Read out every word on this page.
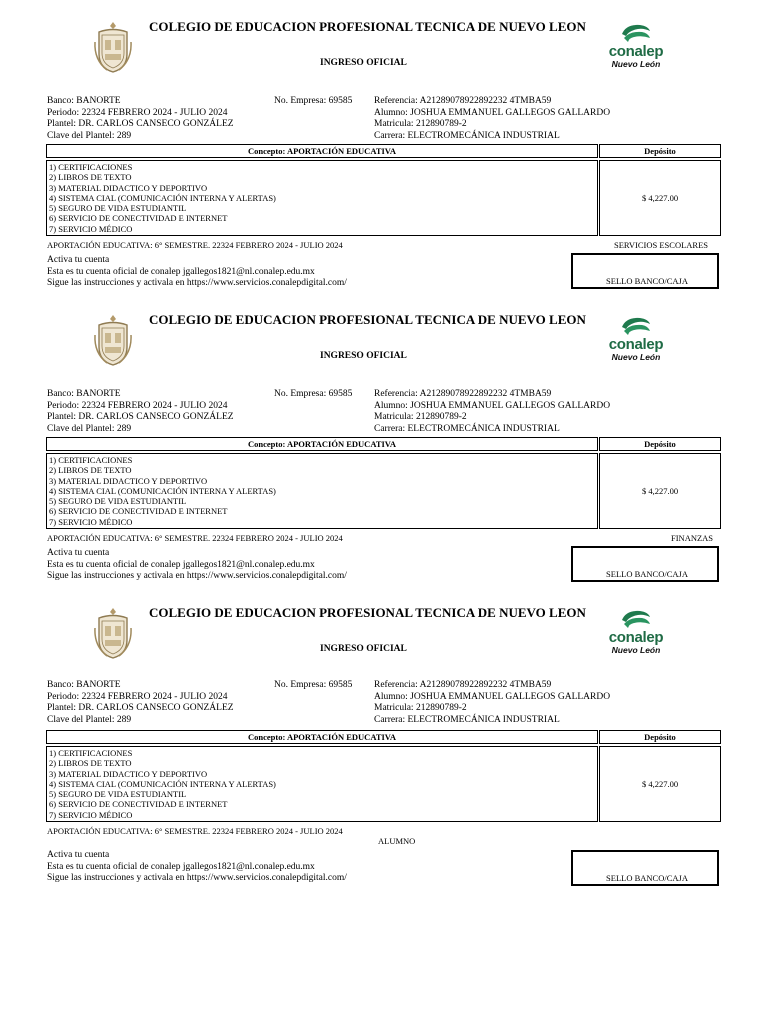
COLEGIO DE EDUCACION PROFESIONAL TECNICA DE NUEVO LEON
INGRESO OFICIAL
conalep
Nuevo León
Banco: BANORTE
Periodo: 22324 FEBRERO 2024 - JULIO 2024
Plantel: DR. CARLOS CANSECO GONZÁLEZ
Clave del Plantel: 289
No. Empresa: 69585 Referencia: A21289078922892232 4TMBA59
Alumno: JOSHUA EMMANUEL GALLEGOS GALLARDO
Matricula: 212890789-2
Carrera: ELECTROMECÁNICA INDUSTRIAL
Concepto: APORTACIÓN EDUCATIVA	Depósito
1) CERTIFICACIONES
2) LIBROS DE TEXTO
3) MATERIAL DIDACTICO Y DEPORTIVO
4) SISTEMA CIAL (COMUNICACIÓN INTERNA Y ALERTAS)
5) SEGURO DE VIDA ESTUDIANTIL
6) SERVICIO DE CONECTIVIDAD E INTERNET
7) SERVICIO MÉDICO
$ 4,227.00
APORTACIÓN EDUCATIVA: 6° SEMESTRE. 22324 FEBRERO 2024 - JULIO 2024	SERVICIOS ESCOLARES
Activa tu cuenta
Esta es tu cuenta oficial de conalep jgallegos1821@nl.conalep.edu.mx
Sigue las instrucciones y activala en https://www.servicios.conalepdigital.com/	SELLO BANCO/CAJA
COLEGIO DE EDUCACION PROFESIONAL TECNICA DE NUEVO LEON
INGRESO OFICIAL
conalep
Nuevo León
Banco: BANORTE
Periodo: 22324 FEBRERO 2024 - JULIO 2024
Plantel: DR. CARLOS CANSECO GONZÁLEZ
Clave del Plantel: 289
No. Empresa: 69585 Referencia: A21289078922892232 4TMBA59
Alumno: JOSHUA EMMANUEL GALLEGOS GALLARDO
Matricula: 212890789-2
Carrera: ELECTROMECÁNICA INDUSTRIAL
Concepto: APORTACIÓN EDUCATIVA	Depósito
1) CERTIFICACIONES
2) LIBROS DE TEXTO
3) MATERIAL DIDACTICO Y DEPORTIVO
4) SISTEMA CIAL (COMUNICACIÓN INTERNA Y ALERTAS)
5) SEGURO DE VIDA ESTUDIANTIL
6) SERVICIO DE CONECTIVIDAD E INTERNET
7) SERVICIO MÉDICO
$ 4,227.00
APORTACIÓN EDUCATIVA: 6° SEMESTRE. 22324 FEBRERO 2024 - JULIO 2024	FINANZAS
Activa tu cuenta
Esta es tu cuenta oficial de conalep jgallegos1821@nl.conalep.edu.mx
Sigue las instrucciones y activala en https://www.servicios.conalepdigital.com/	SELLO BANCO/CAJA
COLEGIO DE EDUCACION PROFESIONAL TECNICA DE NUEVO LEON
INGRESO OFICIAL
conalep
Nuevo León
Banco: BANORTE
Periodo: 22324 FEBRERO 2024 - JULIO 2024
Plantel: DR. CARLOS CANSECO GONZÁLEZ
Clave del Plantel: 289
No. Empresa: 69585 Referencia: A21289078922892232 4TMBA59
Alumno: JOSHUA EMMANUEL GALLEGOS GALLARDO
Matricula: 212890789-2
Carrera: ELECTROMECÁNICA INDUSTRIAL
Concepto: APORTACIÓN EDUCATIVA	Depósito
1) CERTIFICACIONES
2) LIBROS DE TEXTO
3) MATERIAL DIDACTICO Y DEPORTIVO
4) SISTEMA CIAL (COMUNICACIÓN INTERNA Y ALERTAS)
5) SEGURO DE VIDA ESTUDIANTIL
6) SERVICIO DE CONECTIVIDAD E INTERNET
7) SERVICIO MÉDICO
$ 4,227.00
APORTACIÓN EDUCATIVA: 6° SEMESTRE. 22324 FEBRERO 2024 - JULIO 2024
ALUMNO
Activa tu cuenta
Esta es tu cuenta oficial de conalep jgallegos1821@nl.conalep.edu.mx
Sigue las instrucciones y activala en https://www.servicios.conalepdigital.com/	SELLO BANCO/CAJA
